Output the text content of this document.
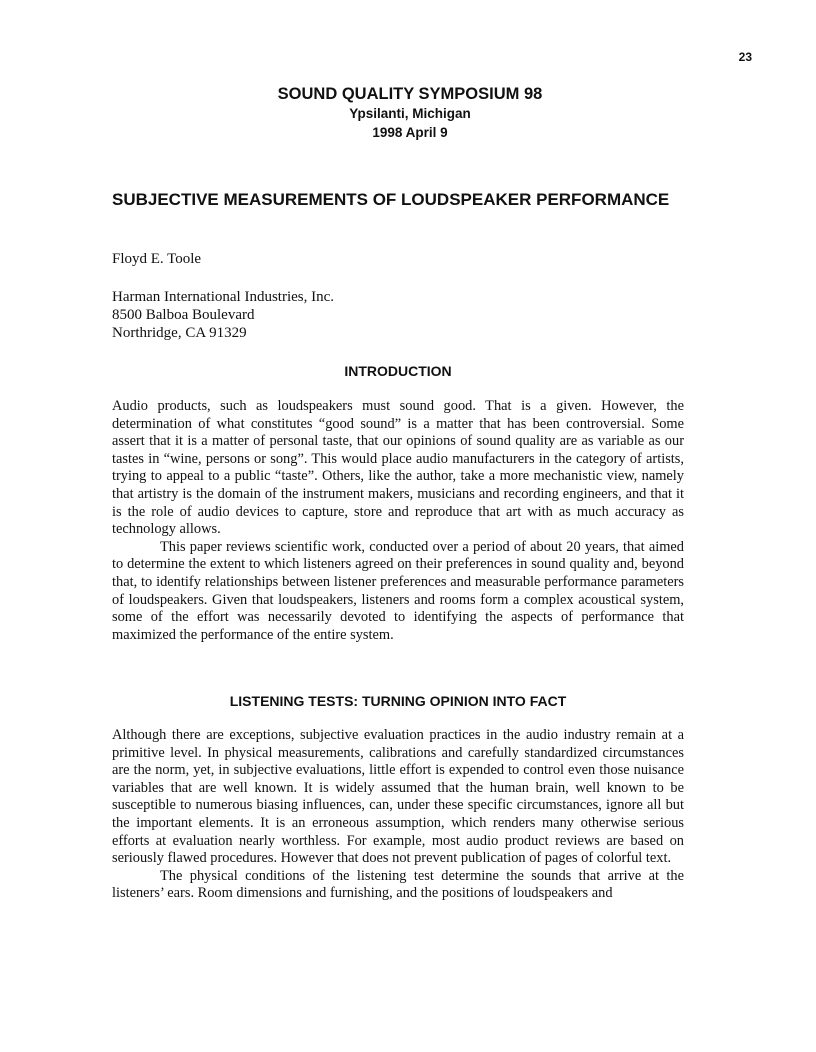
23
SOUND QUALITY SYMPOSIUM 98
Ypsilanti, Michigan
1998 April 9
SUBJECTIVE MEASUREMENTS OF LOUDSPEAKER PERFORMANCE
Floyd E. Toole
Harman International Industries, Inc.
8500 Balboa Boulevard
Northridge, CA 91329
INTRODUCTION

Audio products, such as loudspeakers must sound good. That is a given. However, the determination of what constitutes “good sound” is a matter that has been controversial. Some assert that it is a matter of personal taste, that our opinions of sound quality are as variable as our tastes in “wine, persons or song”. This would place audio manufacturers in the category of artists, trying to appeal to a public “taste”. Others, like the author, take a more mechanistic view, namely that artistry is the domain of the instrument makers, musicians and recording engineers, and that it is the role of audio devices to capture, store and reproduce that art with as much accuracy as technology allows.

This paper reviews scientific work, conducted over a period of about 20 years, that aimed to determine the extent to which listeners agreed on their preferences in sound quality and, beyond that, to identify relationships between listener preferences and measurable performance parameters of loudspeakers. Given that loudspeakers, listeners and rooms form a complex acoustical system, some of the effort was necessarily devoted to identifying the aspects of performance that maximized the performance of the entire system.

LISTENING TESTS: TURNING OPINION INTO FACT

Although there are exceptions, subjective evaluation practices in the audio industry remain at a primitive level. In physical measurements, calibrations and carefully standardized circumstances are the norm, yet, in subjective evaluations, little effort is expended to control even those nuisance variables that are well known. It is widely assumed that the human brain, well known to be susceptible to numerous biasing influences, can, under these specific circumstances, ignore all but the important elements. It is an erroneous assumption, which renders many otherwise serious efforts at evaluation nearly worthless. For example, most audio product reviews are based on seriously flawed procedures. However that does not prevent publication of pages of colorful text.

The physical conditions of the listening test determine the sounds that arrive at the listeners’ ears. Room dimensions and furnishing, and the positions of loudspeakers and
